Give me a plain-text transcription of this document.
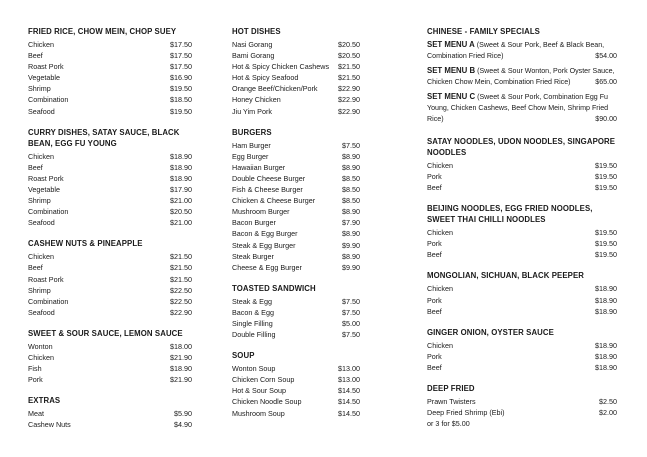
FRIED RICE, CHOW MEIN, CHOP SUEY
Chicken	$17.50
Beef	$17.50
Roast Pork	$17.50
Vegetable	$16.90
Shrimp	$19.50
Combination	$18.50
Seafood	$19.50
CURRY DISHES, SATAY SAUCE, BLACK BEAN, EGG FU YOUNG
Chicken	$18.90
Beef	$18.90
Roast Pork	$18.90
Vegetable	$17.90
Shrimp	$21.00
Combination	$20.50
Seafood	$21.00
CASHEW NUTS & PINEAPPLE
Chicken	$21.50
Beef	$21.50
Roast Pork	$21.50
Shrimp	$22.50
Combination	$22.50
Seafood	$22.90
SWEET & SOUR SAUCE, LEMON SAUCE
Wonton	$18.00
Chicken	$21.90
Fish	$18.90
Pork	$21.90
EXTRAS
Meat	$5.90
Cashew Nuts	$4.90
HOT DISHES
Nasi Gorang	$20.50
Bami Gorang	$20.50
Hot & Spicy Chicken Cashews $21.50
Hot & Spicy Seafood	$21.50
Orange Beef/Chicken/Pork	$22.90
Honey Chicken	$22.90
Jiu Yim Pork	$22.90
BURGERS
Ham Burger	$7.50
Egg Burger	$8.90
Hawaiian Burger	$8.90
Double Cheese Burger	$8.50
Fish & Cheese Burger	$8.50
Chicken & Cheese Burger	$8.50
Mushroom Burger	$8.90
Bacon Burger	$7.90
Bacon & Egg Burger	$8.90
Steak & Egg Burger	$9.90
Steak Burger	$8.90
Cheese & Egg Burger	$9.90
TOASTED SANDWICH
Steak & Egg	$7.50
Bacon & Egg	$7.50
Single Filling	$5.00
Double Filling	$7.50
SOUP
Wonton Soup	$13.00
Chicken Corn Soup	$13.00
Hot & Sour Soup	$14.50
Chicken Noodle Soup	$14.50
Mushroom Soup	$14.50
CHINESE - FAMILY SPECIALS
SET MENU A (Sweet & Sour Pork, Beef & Black Bean, Combination Fried Rice)	$54.00
SET MENU B (Sweet & Sour Wonton, Pork Oyster Sauce, Chicken Chow Mein, Combination Fried Rice)	$65.00
SET MENU C (Sweet & Sour Pork, Combination Egg Fu Young, Chicken Cashews, Beef Chow Mein, Shrimp Fried Rice)	$90.00
SATAY NOODLES, UDON NOODLES, SINGAPORE NOODLES
Chicken	$19.50
Pork	$19.50
Beef	$19.50
BEIJING NOODLES, EGG FRIED NOODLES, SWEET THAI CHILLI NOODLES
Chicken	$19.50
Pork	$19.50
Beef	$19.50
MONGOLIAN, SICHUAN, BLACK PEEPER
Chicken	$18.90
Pork	$18.90
Beef	$18.90
GINGER ONION, OYSTER SAUCE
Chicken	$18.90
Pork	$18.90
Beef	$18.90
DEEP FRIED
Prawn Twisters	$2.50
Deep Fried Shrimp (Ebi)	$2.00
or 3 for $5.00
